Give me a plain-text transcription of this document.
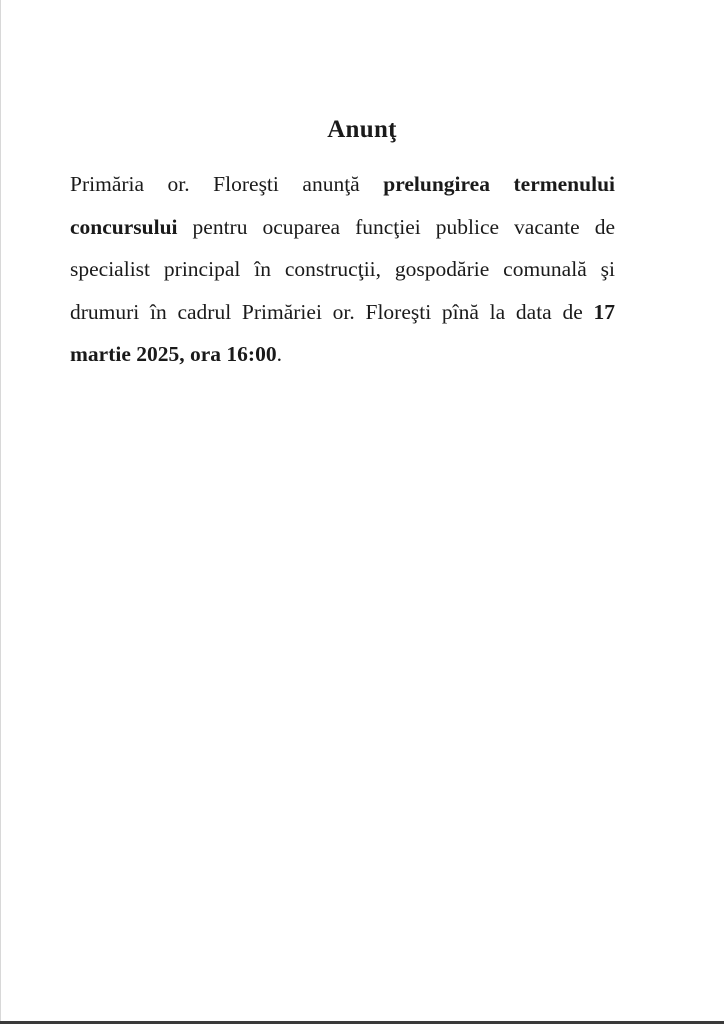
Anunţ

Primăria or. Floreşti anunţă prelungirea termenului
concursului pentru ocuparea funcţiei publice vacante de
specialist principal în construcţii, gospodărie comunală şi
drumuri în cadrul Primăriei or. Floreşti pînă la data de 17
martie 2025, ora 16:00.
